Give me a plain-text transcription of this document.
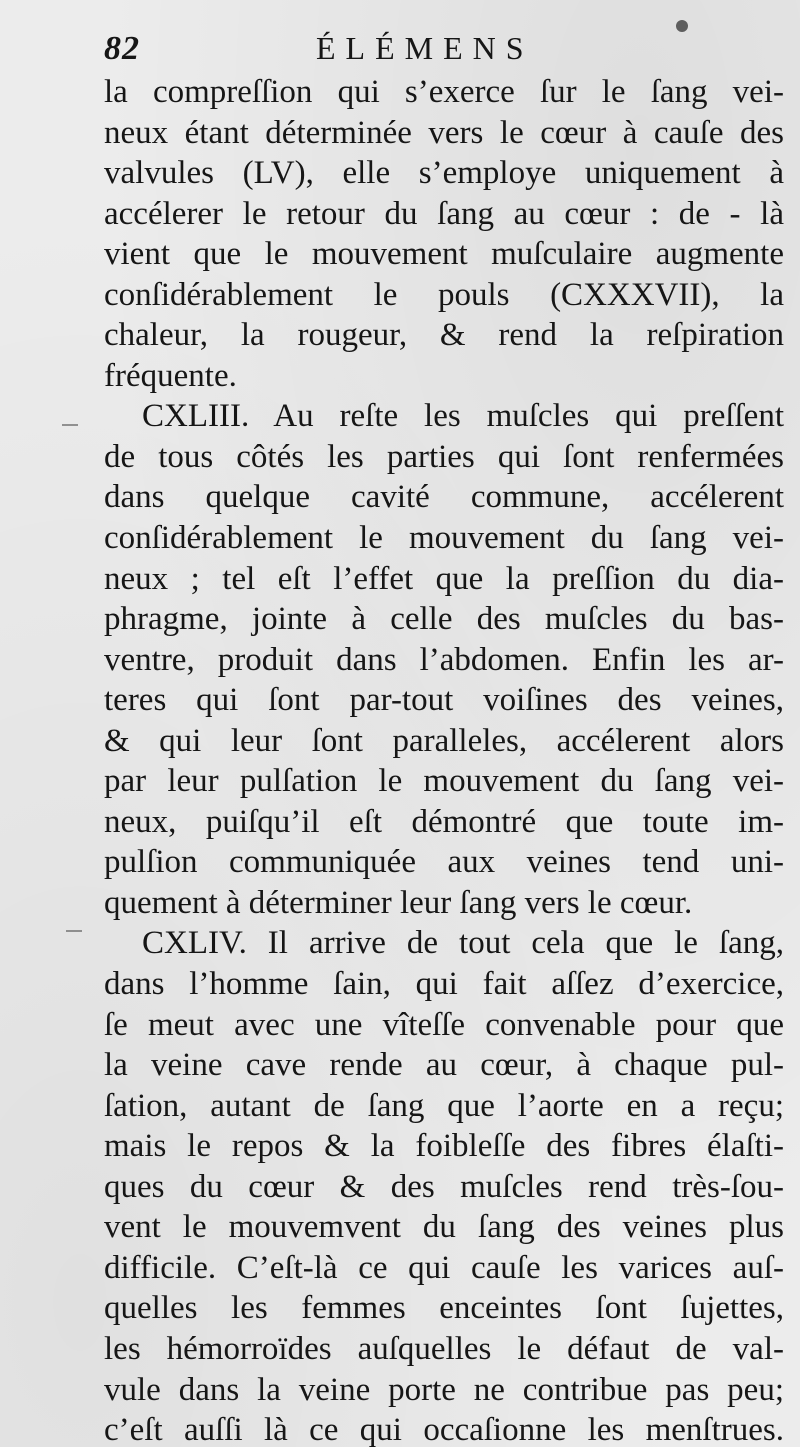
82	ÉLÉMENS
la compreſſion qui s’exerce ſur le ſang vei-
neux étant déterminée vers le cœur à cauſe des
valvules (LV), elle s’employe uniquement à
accélerer le retour du ſang au cœur : de - là
vient que le mouvement muſculaire augmente
conſidérablement le pouls (CXXXVII), la
chaleur, la rougeur, & rend la reſpiration
fréquente.
CXLIII. Au reſte les muſcles qui preſſent
de tous côtés les parties qui ſont renfermées
dans quelque cavité commune, accélerent
conſidérablement le mouvement du ſang vei-
neux ; tel eſt l’effet que la preſſion du dia-
phragme, jointe à celle des muſcles du bas-
ventre, produit dans l’abdomen. Enfin les ar-
teres qui ſont par-tout voiſines des veines,
& qui leur ſont paralleles, accélerent alors
par leur pulſation le mouvement du ſang vei-
neux, puiſqu’il eſt démontré que toute im-
pulſion communiquée aux veines tend uni-
quement à déterminer leur ſang vers le cœur.
CXLIV. Il arrive de tout cela que le ſang,
dans l’homme ſain, qui fait aſſez d’exercice,
ſe meut avec une vîteſſe convenable pour que
la veine cave rende au cœur, à chaque pul-
ſation, autant de ſang que l’aorte en a reçu;
mais le repos & la foibleſſe des fibres élaſti-
ques du cœur & des muſcles rend très-ſou-
vent le mouvemvent du ſang des veines plus
difficile. C’eſt-là ce qui cauſe les varices auſ-
quelles les femmes enceintes ſont ſujettes,
les hémorroïdes auſquelles le défaut de val-
vule dans la veine porte ne contribue pas peu;
c’eſt auſſi là ce qui occaſionne les menſtrues.
